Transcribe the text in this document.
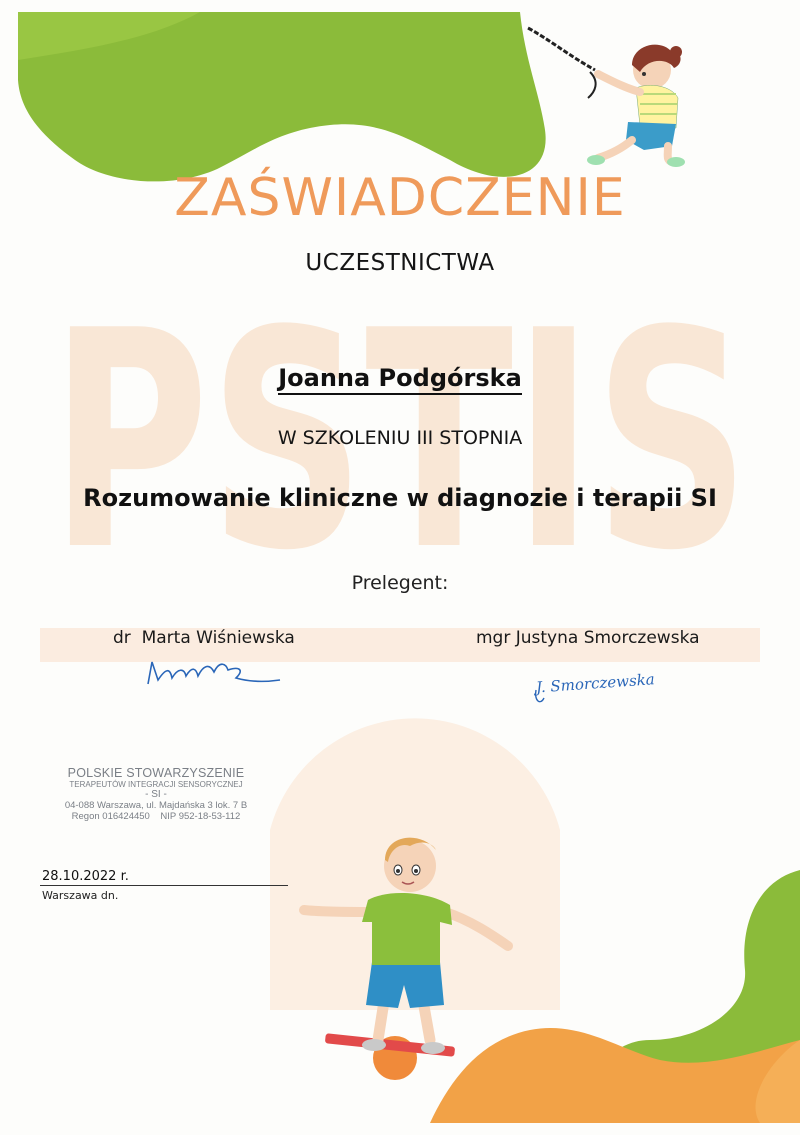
PSTIS
J. Smorczewska
ZAŚWIADCZENIE
UCZESTNICTWA
Joanna Podgórska
W SZKOLENIU III STOPNIA
Rozumowanie kliniczne w diagnozie i terapii SI
Prelegent:
dr  Marta Wiśniewska	mgr Justyna Smorczewska
POLSKIE STOWARZYSZENIE
TERAPEUTÓW INTEGRACJI SENSORYCZNEJ
- SI -
04-088 Warszawa, ul. Majdańska 3 lok. 7 B
Regon 016424450    NIP 952-18-53-112
28.10.2022 r.
Warszawa dn.
